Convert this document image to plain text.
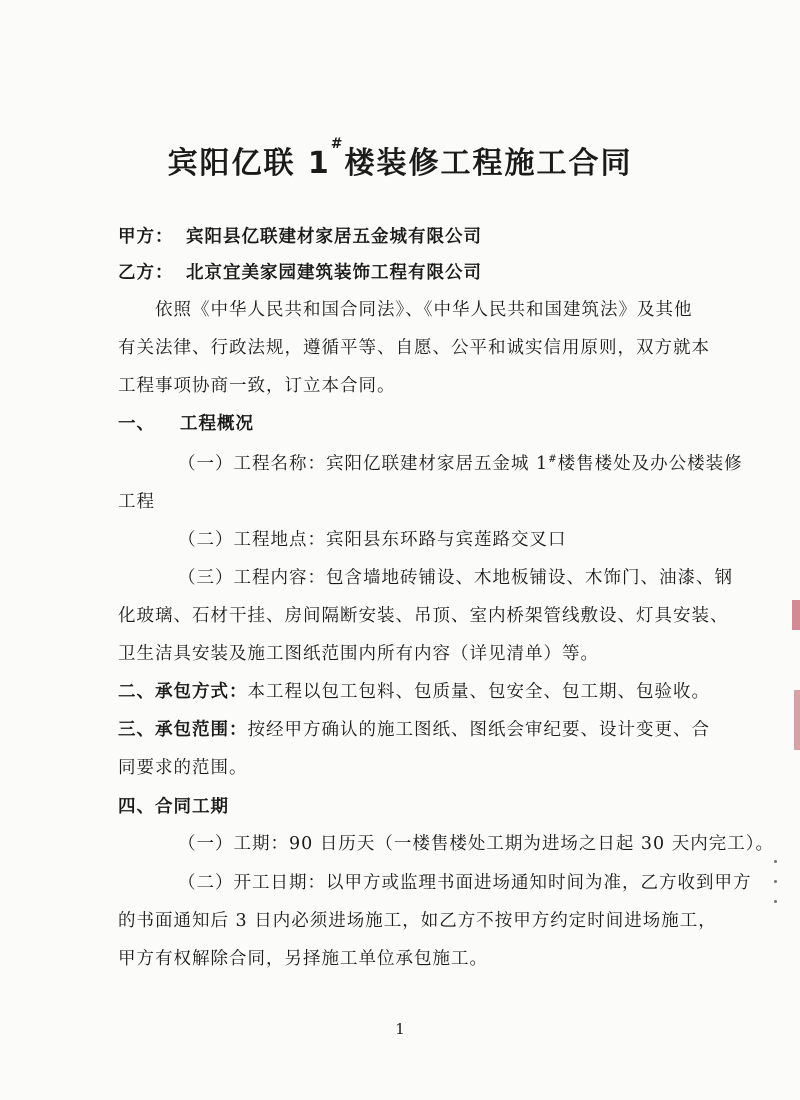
宾阳亿联 1#楼装修工程施工合同
甲方： 宾阳县亿联建材家居五金城有限公司
乙方： 北京宜美家园建筑装饰工程有限公司
依照《中华人民共和国合同法》、《中华人民共和国建筑法》及其他
有关法律、行政法规，遵循平等、自愿、公平和诚实信用原则，双方就本
工程事项协商一致，订立本合同。
一、 工程概况
（一）工程名称：宾阳亿联建材家居五金城 1#楼售楼处及办公楼装修
工程
（二）工程地点：宾阳县东环路与宾莲路交叉口
（三）工程内容：包含墙地砖铺设、木地板铺设、木饰门、油漆、钢
化玻璃、石材干挂、房间隔断安装、吊顶、室内桥架管线敷设、灯具安装、
卫生洁具安装及施工图纸范围内所有内容（详见清单）等。
二、承包方式：本工程以包工包料、包质量、包安全、包工期、包验收。
三、承包范围：按经甲方确认的施工图纸、图纸会审纪要、设计变更、合
同要求的范围。
四、合同工期
（一）工期：90 日历天（一楼售楼处工期为进场之日起 30 天内完工）。
（二）开工日期：以甲方或监理书面进场通知时间为准，乙方收到甲方
的书面通知后 3 日内必须进场施工，如乙方不按甲方约定时间进场施工，
甲方有权解除合同，另择施工单位承包施工。
1
